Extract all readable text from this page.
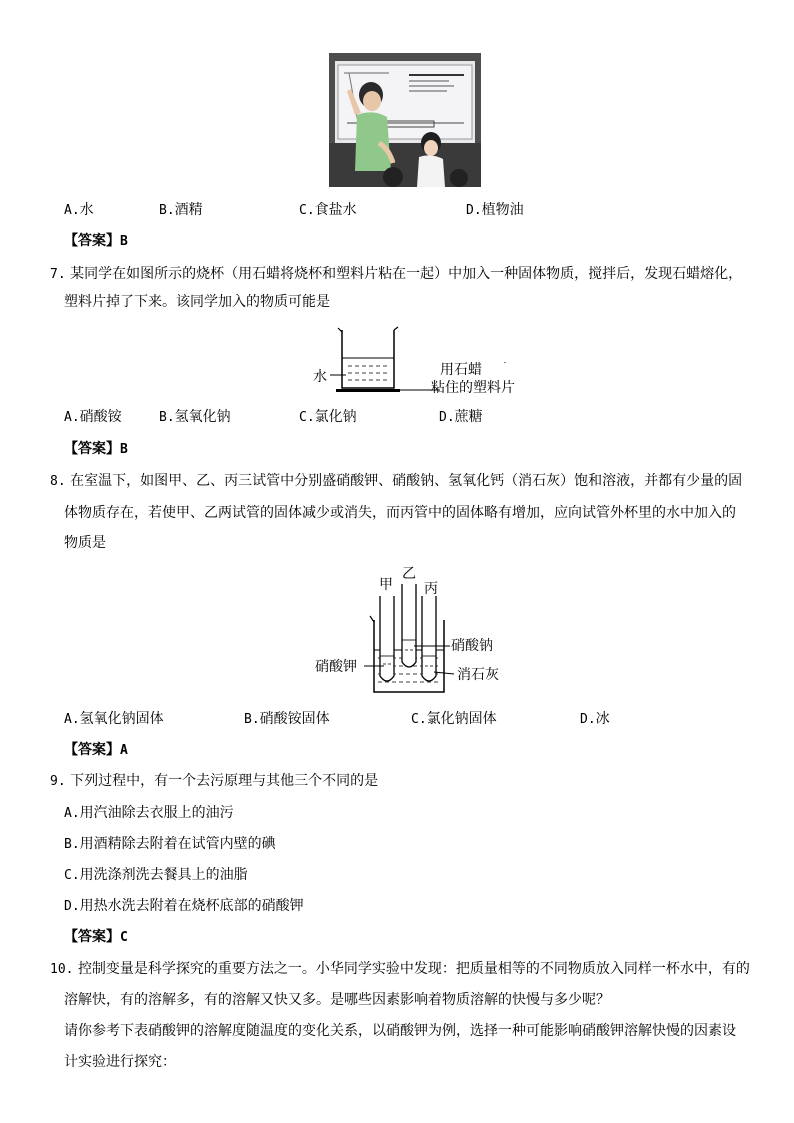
A.水	B.酒精	C.食盐水	D.植物油
【答案】B
7. 某同学在如图所示的烧杯（用石蜡将烧杯和塑料片粘在一起）中加入一种固体物质，搅拌后，发现石蜡熔化，
塑料片掉了下来。该同学加入的物质可能是
水	用石蜡
粘住的塑料片
A.硝酸铵	B.氢氧化钠	C.氯化钠	D.蔗糖
【答案】B
8. 在室温下，如图甲、乙、丙三试管中分别盛硝酸钾、硝酸钠、氢氧化钙（消石灰）饱和溶液，并都有少量的固
体物质存在，若使甲、乙两试管的固体减少或消失，而丙管中的固体略有增加，应向试管外杯里的水中加入的
物质是
甲
乙
丙
硝酸钾
硝酸钠
消石灰
A.氢氧化钠固体	B.硝酸铵固体	C.氯化钠固体	D.冰
【答案】A
9. 下列过程中，有一个去污原理与其他三个不同的是
A.用汽油除去衣服上的油污
B.用酒精除去附着在试管内壁的碘
C.用洗涤剂洗去餐具上的油脂
D.用热水洗去附着在烧杯底部的硝酸钾
【答案】C
10. 控制变量是科学探究的重要方法之一。小华同学实验中发现：把质量相等的不同物质放入同样一杯水中，有的
溶解快，有的溶解多，有的溶解又快又多。是哪些因素影响着物质溶解的快慢与多少呢？
请你参考下表硝酸钾的溶解度随温度的变化关系，以硝酸钾为例，选择一种可能影响硝酸钾溶解快慢的因素设
计实验进行探究：
